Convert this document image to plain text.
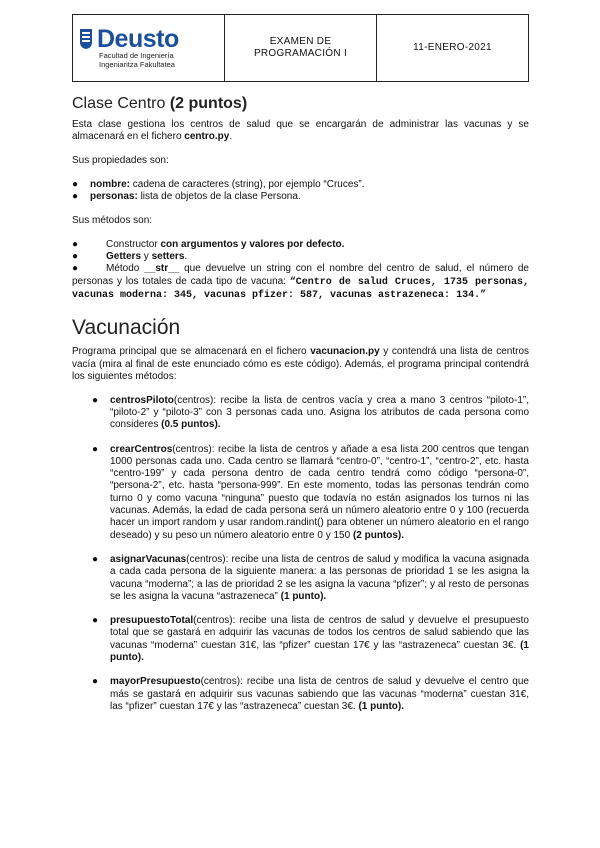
Deusto
Facultad de Ingeniería
Ingeniaritza Fakultatea
EXAMEN DE
PROGRAMACIÓN I
11-ENERO-2021
Clase Centro (2 puntos)

Esta clase gestiona los centros de salud que se encargarán de administrar las vacunas y se almacenará en el fichero centro.py.

Sus propiedades son:

●	nombre: cadena de caracteres (string), por ejemplo “Cruces”.
●	personas: lista de objetos de la clase Persona.

Sus métodos son:

●	Constructor con argumentos y valores por defecto.
●	Getters y setters.
●	Método __str__ que devuelve un string con el nombre del centro de salud, el número de personas y los totales de cada tipo de vacuna: “Centro de salud Cruces, 1735 personas, vacunas moderna: 345, vacunas pfizer: 587, vacunas astrazeneca: 134.”
Vacunación

Programa principal que se almacenará en el fichero vacunacion.py y contendrá una lista de centros vacía (mira al final de este enunciado cómo es este código). Además, el programa principal contendrá los siguientes métodos:

●	centrosPiloto(centros): recibe la lista de centros vacía y crea a mano 3 centros “piloto-1”, “piloto-2” y “piloto-3” con 3 personas cada uno. Asigna los atributos de cada persona como consideres (0.5 puntos).
●	crearCentros(centros): recibe la lista de centros y añade a esa lista 200 centros que tengan 1000 personas cada uno. Cada centro se llamará “centro-0”, “centro-1”, “centro-2”, etc. hasta “centro-199” y cada persona dentro de cada centro tendrá como código “persona-0”, “persona-2”, etc. hasta “persona-999”. En este momento, todas las personas tendrán como turno 0 y como vacuna “ninguna” puesto que todavía no están asignados los turnos ni las vacunas. Además, la edad de cada persona será un número aleatorio entre 0 y 100 (recuerda hacer un import random y usar random.randint() para obtener un número aleatorio en el rango deseado) y su peso un número aleatorio entre 0 y 150 (2 puntos).
●	asignarVacunas(centros): recibe una lista de centros de salud y modifica la vacuna asignada a cada cada persona de la siguiente manera: a las personas de prioridad 1 se les asigna la vacuna “moderna”; a las de prioridad 2 se les asigna la vacuna “pfizer”; y al resto de personas se les asigna la vacuna “astrazeneca” (1 punto).
●	presupuestoTotal(centros): recibe una lista de centros de salud y devuelve el presupuesto total que se gastará en adquirir las vacunas de todos los centros de salud sabiendo que las vacunas “moderna” cuestan 31€, las “pfizer” cuestan 17€ y las “astrazeneca” cuestan 3€. (1 punto).
●	mayorPresupuesto(centros): recibe una lista de centros de salud y devuelve el centro que más se gastará en adquirir sus vacunas sabiendo que las vacunas “moderna” cuestan 31€, las “pfizer” cuestan 17€ y las “astrazeneca” cuestan 3€. (1 punto).
